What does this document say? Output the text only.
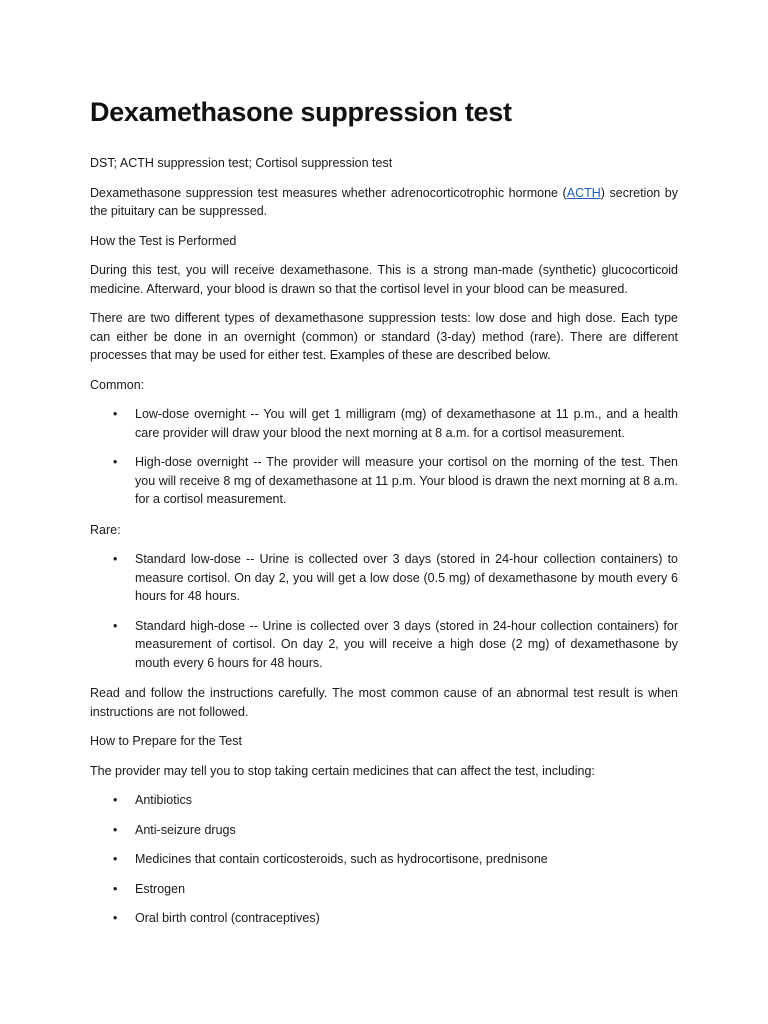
Dexamethasone suppression test

DST; ACTH suppression test; Cortisol suppression test

Dexamethasone suppression test measures whether adrenocorticotrophic hormone (ACTH) secretion by the pituitary can be suppressed.

How the Test is Performed

During this test, you will receive dexamethasone. This is a strong man-made (synthetic) glucocorticoid medicine. Afterward, your blood is drawn so that the cortisol level in your blood can be measured.

There are two different types of dexamethasone suppression tests: low dose and high dose. Each type can either be done in an overnight (common) or standard (3-day) method (rare). There are different processes that may be used for either test. Examples of these are described below.

Common:

• Low-dose overnight -- You will get 1 milligram (mg) of dexamethasone at 11 p.m., and a health care provider will draw your blood the next morning at 8 a.m. for a cortisol measurement.
• High-dose overnight -- The provider will measure your cortisol on the morning of the test. Then you will receive 8 mg of dexamethasone at 11 p.m. Your blood is drawn the next morning at 8 a.m. for a cortisol measurement.

Rare:

• Standard low-dose -- Urine is collected over 3 days (stored in 24-hour collection containers) to measure cortisol. On day 2, you will get a low dose (0.5 mg) of dexamethasone by mouth every 6 hours for 48 hours.
• Standard high-dose -- Urine is collected over 3 days (stored in 24-hour collection containers) for measurement of cortisol. On day 2, you will receive a high dose (2 mg) of dexamethasone by mouth every 6 hours for 48 hours.

Read and follow the instructions carefully. The most common cause of an abnormal test result is when instructions are not followed.

How to Prepare for the Test

The provider may tell you to stop taking certain medicines that can affect the test, including:

• Antibiotics
• Anti-seizure drugs
• Medicines that contain corticosteroids, such as hydrocortisone, prednisone
• Estrogen
• Oral birth control (contraceptives)
